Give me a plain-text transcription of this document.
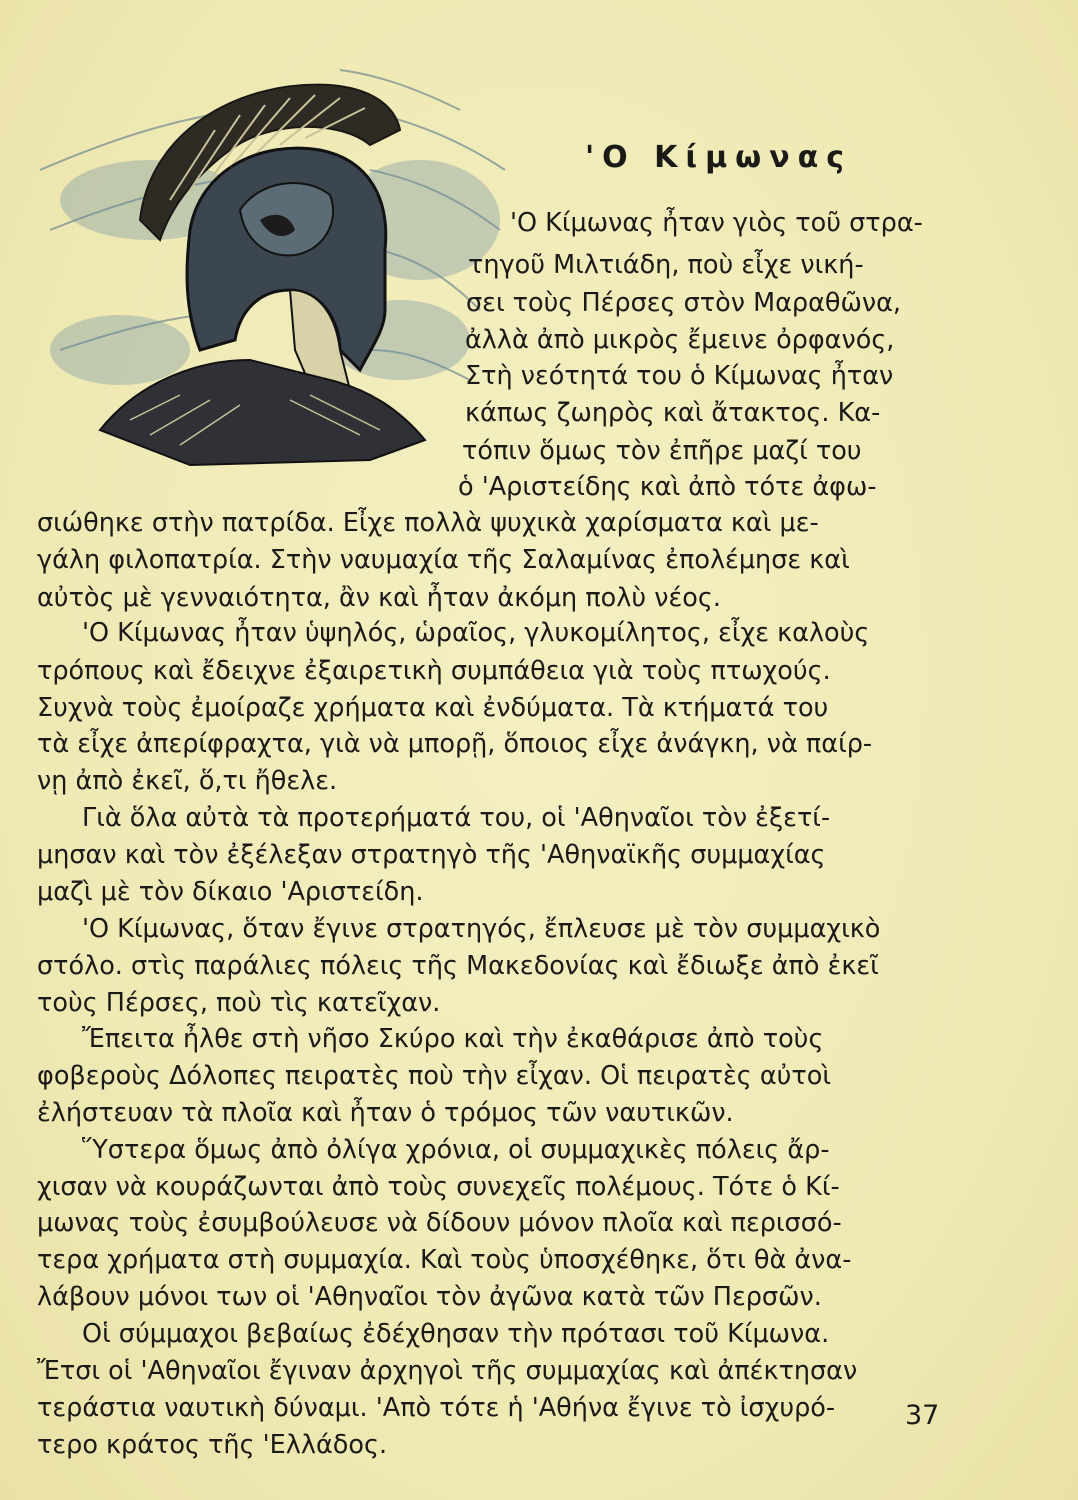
'Ο Κίμωνας
'Ο Κίμωνας ἦταν γιὸς τοῦ στρα-
τηγοῦ Μιλτιάδη, ποὺ εἶχε νική-
σει τοὺς Πέρσες στὸν Μαραθῶνα,
ἀλλὰ ἀπὸ μικρὸς ἔμεινε ὀρφανός,
Στὴ νεότητά του ὁ Κίμωνας ἦταν
κάπως ζωηρὸς καὶ ἄτακτος. Κα-
τόπιν ὅμως τὸν ἐπῆρε μαζί του
ὁ 'Αριστείδης καὶ ἀπὸ τότε ἀφω-
σιώθηκε στὴν πατρίδα. Εἶχε πολλὰ ψυχικὰ χαρίσματα καὶ με-
γάλη φιλοπατρία. Στὴν ναυμαχία τῆς Σαλαμίνας ἐπολέμησε καὶ
αὐτὸς μὲ γενναιότητα, ἂν καὶ ἦταν ἀκόμη πολὺ νέος.
'Ο Κίμωνας ἦταν ὑψηλός, ὡραῖος, γλυκομίλητος, εἶχε καλοὺς
τρόπους καὶ ἔδειχνε ἐξαιρετικὴ συμπάθεια γιὰ τοὺς πτωχούς.
Συχνὰ τοὺς ἐμοίραζε χρήματα καὶ ἐνδύματα. Τὰ κτήματά του
τὰ εἶχε ἀπερίφραχτα, γιὰ νὰ μπορῇ, ὅποιος εἶχε ἀνάγκη, νὰ παίρ-
νῃ ἀπὸ ἐκεῖ, ὅ,τι ἤθελε.
Γιὰ ὅλα αὐτὰ τὰ προτερήματά του, οἱ 'Αθηναῖοι τὸν ἐξετί-
μησαν καὶ τὸν ἐξέλεξαν στρατηγὸ τῆς 'Αθηναϊκῆς συμμαχίας
μαζὶ μὲ τὸν δίκαιο 'Αριστείδη.
'Ο Κίμωνας, ὅταν ἔγινε στρατηγός, ἔπλευσε μὲ τὸν συμμαχικὸ
στόλο. στὶς παράλιες πόλεις τῆς Μακεδονίας καὶ ἔδιωξε ἀπὸ ἐκεῖ
τοὺς Πέρσες, ποὺ τὶς κατεῖχαν.
Ἔπειτα ἦλθε στὴ νῆσο Σκύρο καὶ τὴν ἐκαθάρισε ἀπὸ τοὺς
φοβεροὺς Δόλοπες πειρατὲς ποὺ τὴν εἶχαν. Οἱ πειρατὲς αὐτοὶ
ἐλήστευαν τὰ πλοῖα καὶ ἦταν ὁ τρόμος τῶν ναυτικῶν.
Ὕστερα ὅμως ἀπὸ ὀλίγα χρόνια, οἱ συμμαχικὲς πόλεις ἄρ-
χισαν νὰ κουράζωνται ἀπὸ τοὺς συνεχεῖς πολέμους. Τότε ὁ Κί-
μωνας τοὺς ἐσυμβούλευσε νὰ δίδουν μόνον πλοῖα καὶ περισσό-
τερα χρήματα στὴ συμμαχία. Καὶ τοὺς ὑποσχέθηκε, ὅτι θὰ ἀνα-
λάβουν μόνοι των οἱ 'Αθηναῖοι τὸν ἀγῶνα κατὰ τῶν Περσῶν.
Οἱ σύμμαχοι βεβαίως ἐδέχθησαν τὴν πρότασι τοῦ Κίμωνα.
Ἔτσι οἱ 'Αθηναῖοι ἔγιναν ἀρχηγοὶ τῆς συμμαχίας καὶ ἀπέκτησαν
τεράστια ναυτικὴ δύναμι. 'Απὸ τότε ἡ 'Αθήνα ἔγινε τὸ ἰσχυρό-
τερο κράτος τῆς 'Ελλάδος.
37
